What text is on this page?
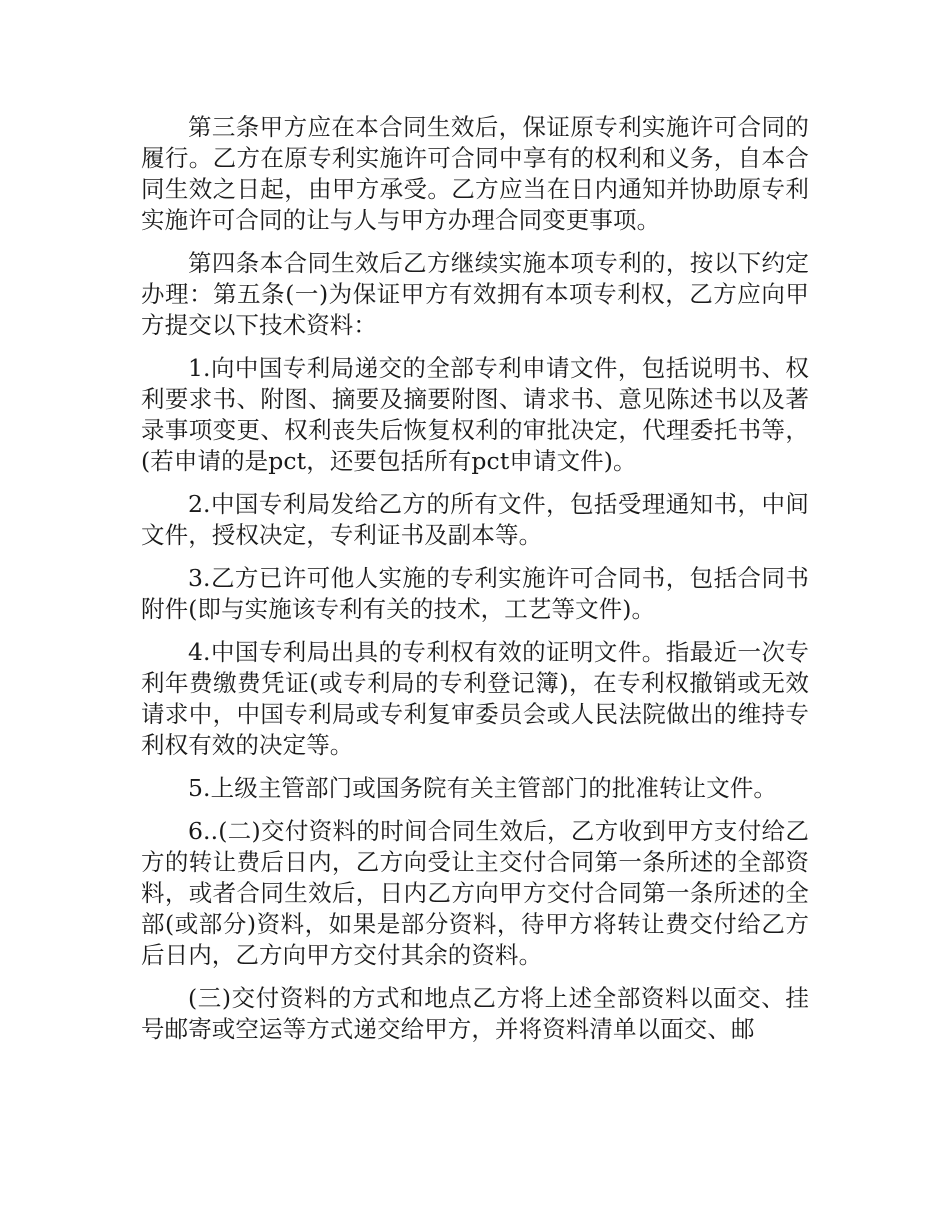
第三条甲方应在本合同生效后，保证原专利实施许可合同的履行。乙方在原专利实施许可合同中享有的权利和义务，自本合同生效之日起，由甲方承受。乙方应当在日内通知并协助原专利实施许可合同的让与人与甲方办理合同变更事项。

第四条本合同生效后乙方继续实施本项专利的，按以下约定办理：第五条(一)为保证甲方有效拥有本项专利权，乙方应向甲方提交以下技术资料：

1.向中国专利局递交的全部专利申请文件，包括说明书、权利要求书、附图、摘要及摘要附图、请求书、意见陈述书以及著录事项变更、权利丧失后恢复权利的审批决定，代理委托书等，(若申请的是pct，还要包括所有pct申请文件)。

2.中国专利局发给乙方的所有文件，包括受理通知书，中间文件，授权决定，专利证书及副本等。

3.乙方已许可他人实施的专利实施许可合同书，包括合同书附件(即与实施该专利有关的技术，工艺等文件)。

4.中国专利局出具的专利权有效的证明文件。指最近一次专利年费缴费凭证(或专利局的专利登记簿)，在专利权撤销或无效请求中，中国专利局或专利复审委员会或人民法院做出的维持专利权有效的决定等。

5.上级主管部门或国务院有关主管部门的批准转让文件。

6..(二)交付资料的时间合同生效后，乙方收到甲方支付给乙方的转让费后日内，乙方向受让主交付合同第一条所述的全部资料，或者合同生效后，日内乙方向甲方交付合同第一条所述的全部(或部分)资料，如果是部分资料，待甲方将转让费交付给乙方后日内，乙方向甲方交付其余的资料。

(三)交付资料的方式和地点乙方将上述全部资料以面交、挂号邮寄或空运等方式递交给甲方，并将资料清单以面交、邮
